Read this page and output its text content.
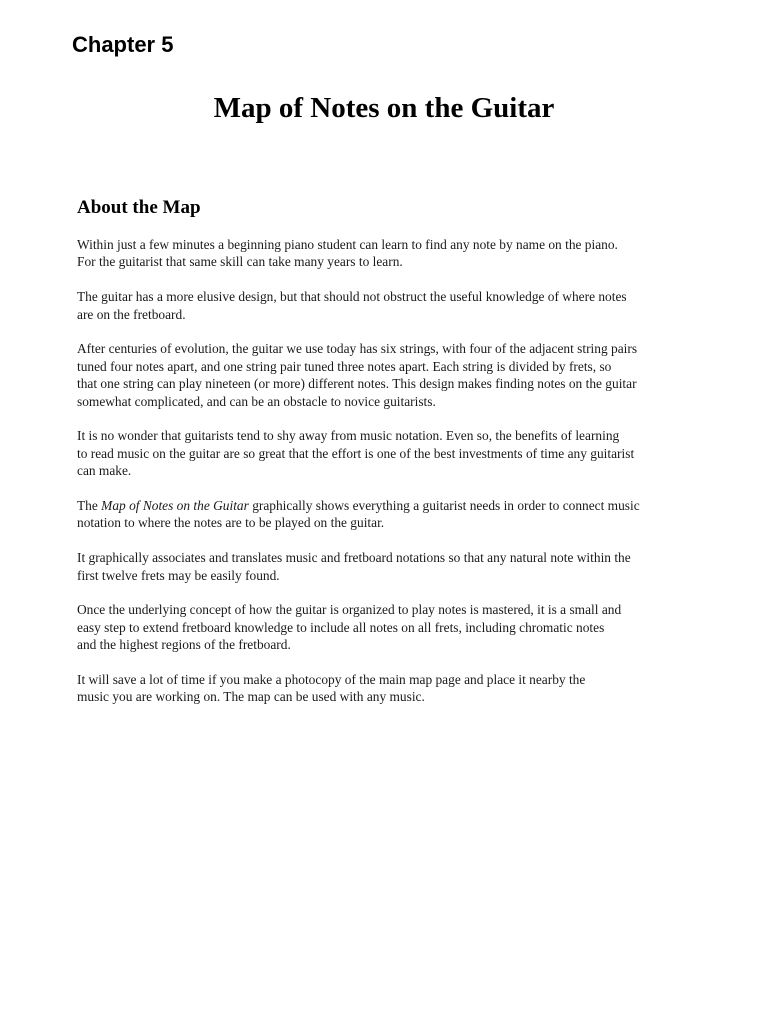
Chapter 5
Map of Notes on the Guitar
About the Map

Within just a few minutes a beginning piano student can learn to find any note by name on the piano.
For the guitarist that same skill can take many years to learn.

The guitar has a more elusive design, but that should not obstruct the useful knowledge of where notes
are on the fretboard.

After centuries of evolution, the guitar we use today has six strings, with four of the adjacent string pairs
tuned four notes apart, and one string pair tuned three notes apart. Each string is divided by frets, so
that one string can play nineteen (or more) different notes. This design makes finding notes on the guitar
somewhat complicated, and can be an obstacle to novice guitarists.

It is no wonder that guitarists tend to shy away from music notation. Even so, the benefits of learning
to read music on the guitar are so great that the effort is one of the best investments of time any guitarist
can make.

The Map of Notes on the Guitar graphically shows everything a guitarist needs in order to connect music
notation to where the notes are to be played on the guitar.

It graphically associates and translates music and fretboard notations so that any natural note within the
first twelve frets may be easily found.

Once the underlying concept of how the guitar is organized to play notes is mastered, it is a small and
easy step to extend fretboard knowledge to include all notes on all frets, including chromatic notes
and the highest regions of the fretboard.

It will save a lot of time if you make a photocopy of the main map page and place it nearby the
music you are working on. The map can be used with any music.
